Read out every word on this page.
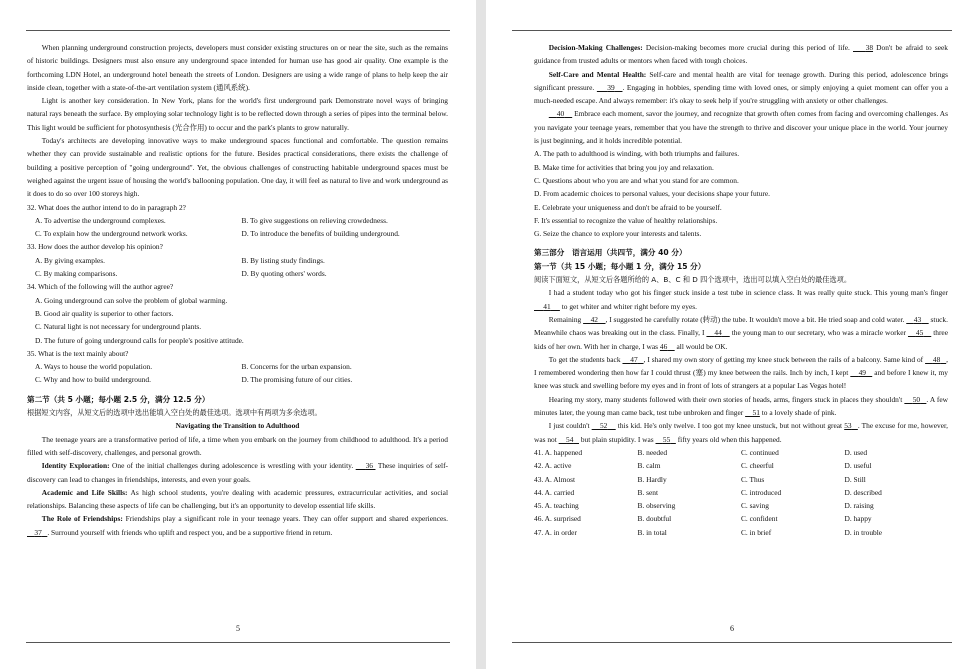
When planning underground construction projects, developers must consider existing structures on or near the site, such as the remains of historic buildings. Designers must also ensure any underground space intended for human use has good air quality. One example is the forthcoming LDN Hotel, an underground hotel beneath the streets of London. Designers are using a wide range of plans to help keep the air inside clean, together with a state-of-the-art ventilation system (通风系统).

Light is another key consideration. In New York, plans for the world's first underground park Demonstrate novel ways of bringing natural rays beneath the surface. By employing solar technology light is to be reflected down through a series of pipes into the terminal below. This light would be sufficient for photosynthesis (光合作用) to occur and the park's plants to grow naturally.

Today's architects are developing innovative ways to make underground spaces functional and comfortable. The question remains whether they can provide sustainable and realistic options for the future. Besides practical considerations, there exists the challenge of building a positive perception of "going underground". Yet, the obvious challenges of constructing habitable underground spaces must be weighed against the urgent issue of housing the world's ballooning population. One day, it will feel as natural to live and work underground as it does to do so over 100 storeys high.

32. What does the author intend to do in paragraph 2?

A. To advertise the underground complexes.	B. To give suggestions on relieving crowdedness.
C. To explain how the underground network works.	D. To introduce the benefits of building underground.

33. How does the author develop his opinion?

A. By giving examples.	B. By listing study findings.
C. By making comparisons.	D. By quoting others' words.

34. Which of the following will the author agree?

A. Going underground can solve the problem of global warming.

B. Good air quality is superior to other factors.

C. Natural light is not necessary for underground plants.

D. The future of going underground calls for people's positive attitude.

35. What is the text mainly about?

A. Ways to house the world population.	B. Concerns for the urban expansion.
C. Why and how to build underground.	D. The promising future of our cities.

第二节（共 5 小题；每小题 2.5 分，满分 12.5 分）

根据短文内容，从短文后的选项中选出能填入空白处的最佳选项。选项中有两项为多余选项。

Navigating the Transition to Adulthood

The teenage years are a transformative period of life, a time when you embark on the journey from childhood to adulthood. It's a period filled with self-discovery, challenges, and personal growth.

Identity Exploration: One of the initial challenges during adolescence is wrestling with your identity. 36 These inquiries of self-discovery can lead to changes in friendships, interests, and even your goals.

Academic and Life Skills: As high school students, you're dealing with academic pressures, extracurricular activities, and social relationships. Balancing these aspects of life can be challenging, but it's an opportunity to develop essential life skills.

The Role of Friendships: Friendships play a significant role in your teenage years. They can offer support and shared experiences.     37 . Surround yourself with friends who uplift and respect you, and be a supportive friend in return.

5

Decision-Making Challenges: Decision-making becomes more crucial during this period of life. 38 Don't be afraid to seek guidance from trusted adults or mentors when faced with tough choices.

Self-Care and Mental Health: Self-care and mental health are vital for teenage growth. During this period, adolescence brings significant pressure. 39 . Engaging in hobbies, spending time with loved ones, or simply enjoying a quiet moment can offer you a much-needed escape. And always remember: it's okay to seek help if you're struggling with anxiety or other challenges.

40 Embrace each moment, savor the journey, and recognize that growth often comes from facing and overcoming challenges. As you navigate your teenage years, remember that you have the strength to thrive and discover your unique place in the world. Your journey is just beginning, and it holds incredible potential.

A. The path to adulthood is winding, with both triumphs and failures.

B. Make time for activities that bring you joy and relaxation.

C. Questions about who you are and what you stand for are common.

D. From academic choices to personal values, your decisions shape your future.

E. Celebrate your uniqueness and don't be afraid to be yourself.

F. It's essential to recognize the value of healthy relationships.

G. Seize the chance to explore your interests and talents.

第三部分　语言运用（共四节，满分 40 分）

第一节（共 15 小题；每小题 1 分，满分 15 分）

阅读下面短文，从短文后各题所给的 A、B、C 和 D 四个选项中，选出可以填入空白处的最佳选项。

I had a student today who got his finger stuck inside a test tube in science class. It was really quite stuck. This young man's finger      41 to get whiter and whiter right before my eyes.

Remaining 42 , I suggested he carefully rotate (转动) the tube. It wouldn't move a bit. He tried soap and cold water. 43 stuck. Meanwhile chaos was breaking out in the class. Finally, I 44 the young man to our secretary, who was a miracle worker 45 three kids of her own. With her in charge, I was 46 all would be OK.

To get the students back 47 , I shared my own story of getting my knee stuck between the rails of a balcony. Same kind of 48 , I remembered wondering then how far I could thrust (塞) my knee between the rails. Inch by inch, I kept 49 and before I knew it, my knee was stuck and swelling before my eyes and in front of lots of strangers at a popular Las Vegas hotel!

Hearing my story, many students followed with their own stories of heads, arms, fingers stuck in places they shouldn't 50 . A few minutes later, the young man came back, test tube unbroken and finger 51 to a lovely shade of pink.

I just couldn't 52 this kid. He's only twelve. I too got my knee unstuck, but not without great 53 . The excuse for me, however, was not 54 but plain stupidity. I was 55 fifty years old when this happened.

41. A. happened	B. needed	C. continued	D. used
42. A. active	B. calm	C. cheerful	D. useful
43. A. Almost	B. Hardly	C. Thus	D. Still
44. A. carried	B. sent	C. introduced	D. described
45. A. teaching	B. observing	C. saving	D. raising
46. A. surprised	B. doubtful	C. confident	D. happy
47. A. in order	B. in total	C. in brief	D. in trouble
6
